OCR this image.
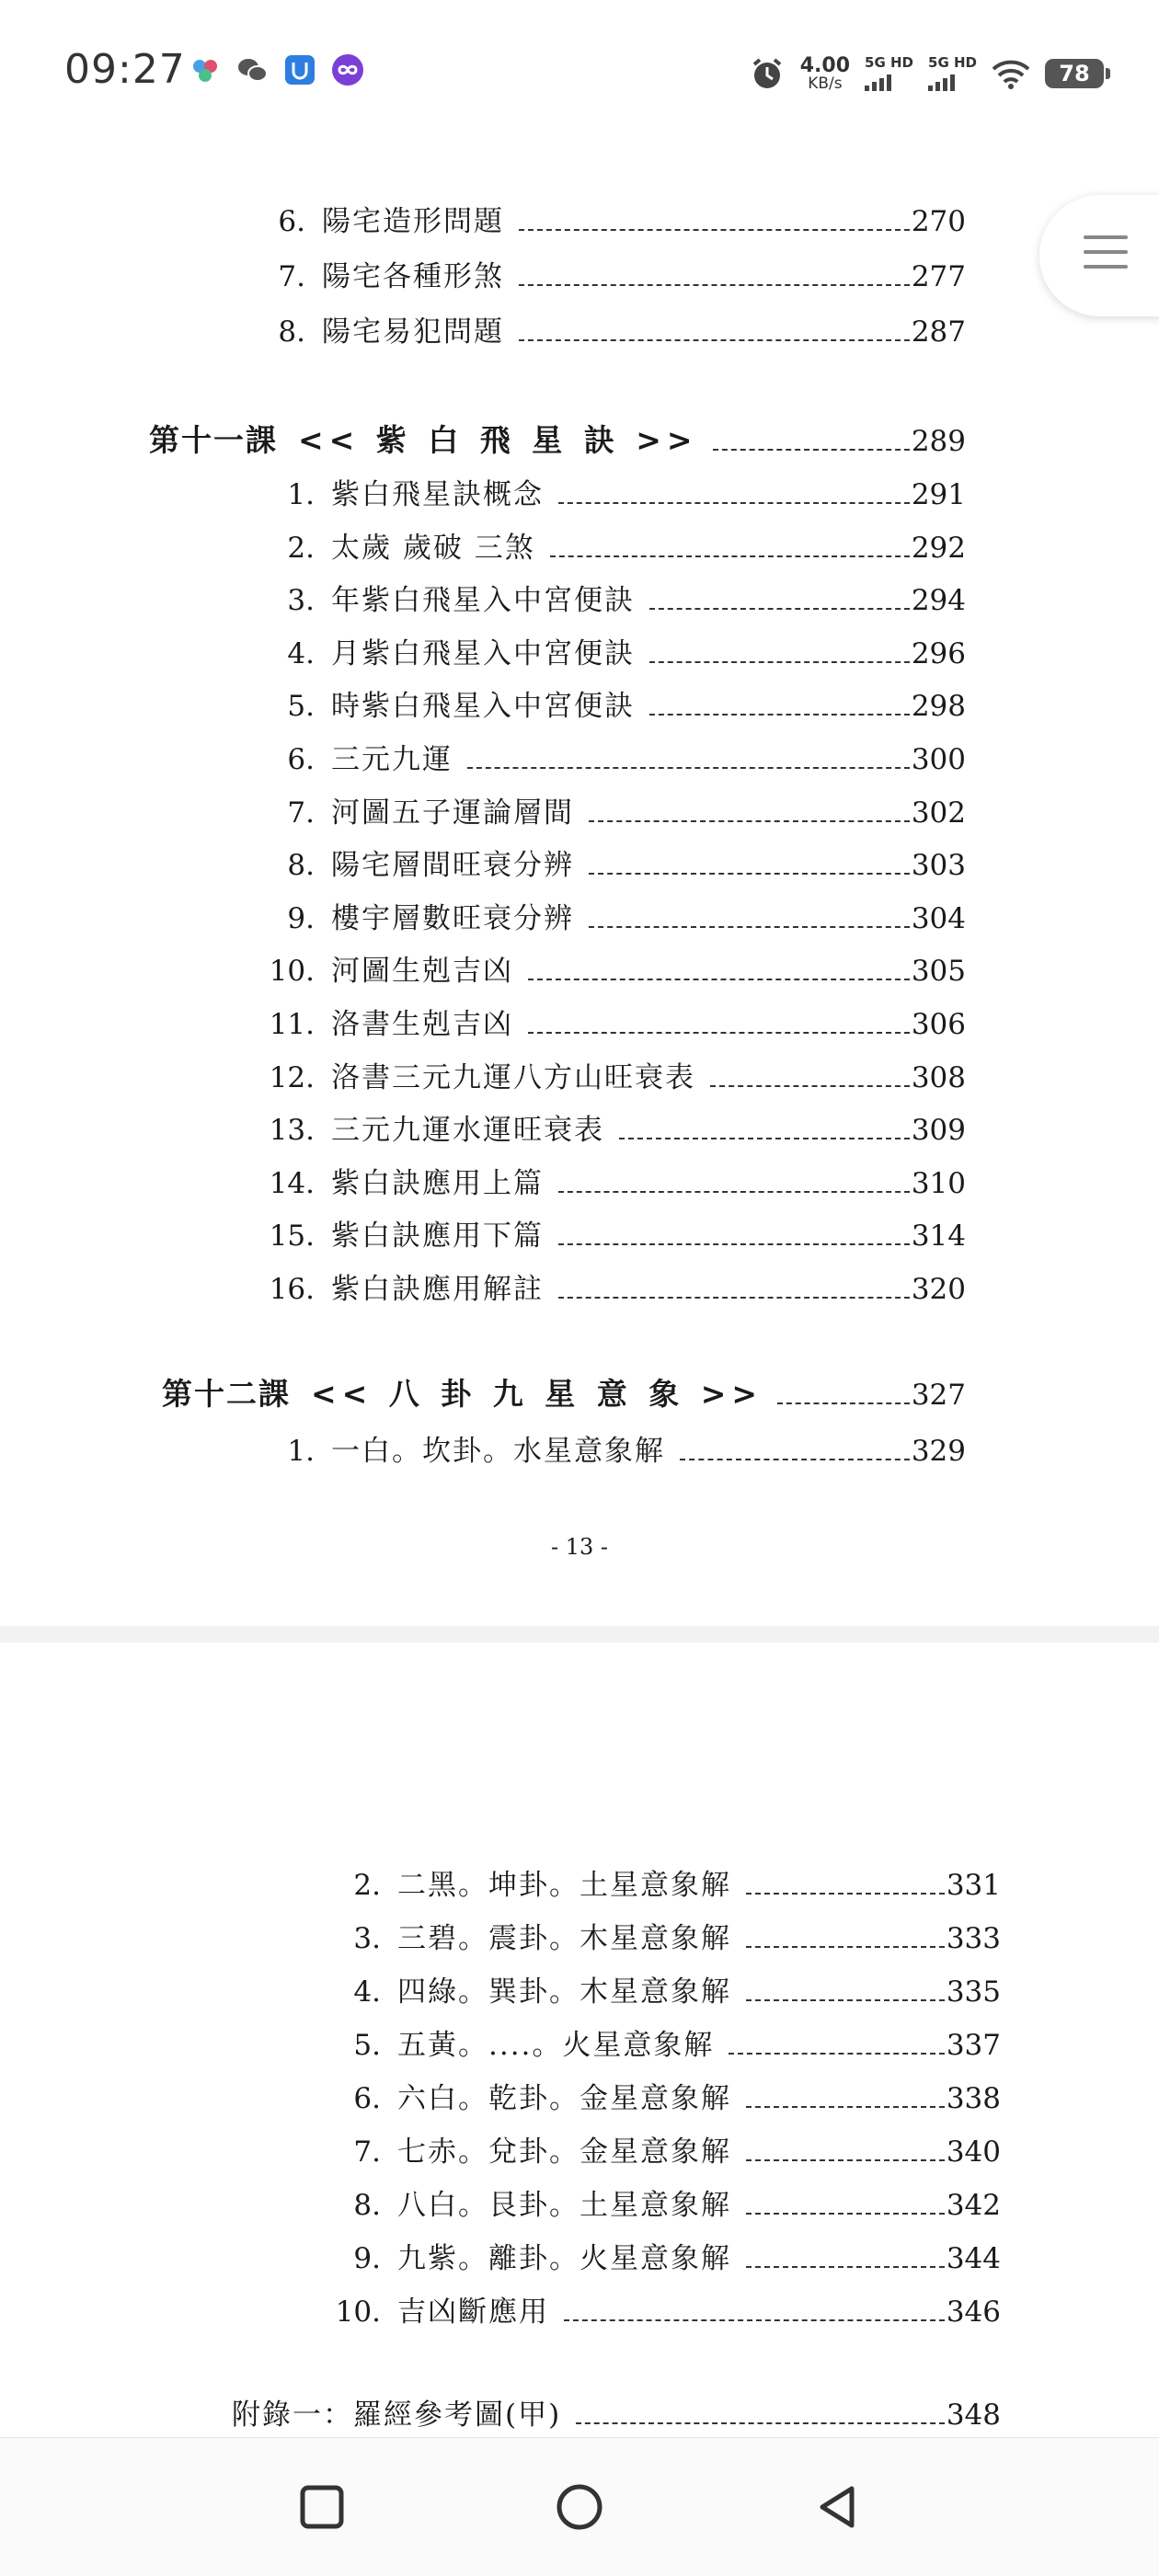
09:27	4.00
KB/s
5G HD 5G HD	78
6. 陽宅造形問題	270
7. 陽宅各種形煞	277
8. 陽宅易犯問題	287
第十一課 << 紫 白 飛 星 訣 >>	289
1. 紫白飛星訣概念	291
2. 太歲 歲破 三煞	292
3. 年紫白飛星入中宮便訣	294
4. 月紫白飛星入中宮便訣	296
5. 時紫白飛星入中宮便訣	298
6. 三元九運	300
7. 河圖五子運論層間	302
8. 陽宅層間旺衰分辨	303
9. 樓宇層數旺衰分辨	304
10. 河圖生剋吉凶	305
11. 洛書生剋吉凶	306
12. 洛書三元九運八方山旺衰表	308
13. 三元九運水運旺衰表	309
14. 紫白訣應用上篇	310
15. 紫白訣應用下篇	314
16. 紫白訣應用解註	320
第十二課 << 八 卦 九 星 意 象 >>	327
1. 一白。坎卦。水星意象解	329
- 13 -
2. 二黑。坤卦。土星意象解	331
3. 三碧。震卦。木星意象解	333
4. 四綠。巽卦。木星意象解	335
5. 五黃。....。火星意象解	337
6. 六白。乾卦。金星意象解	338
7. 七赤。兌卦。金星意象解	340
8. 八白。艮卦。土星意象解	342
9. 九紫。離卦。火星意象解	344
10. 吉凶斷應用	346
附錄一：羅經參考圖(甲)	348
